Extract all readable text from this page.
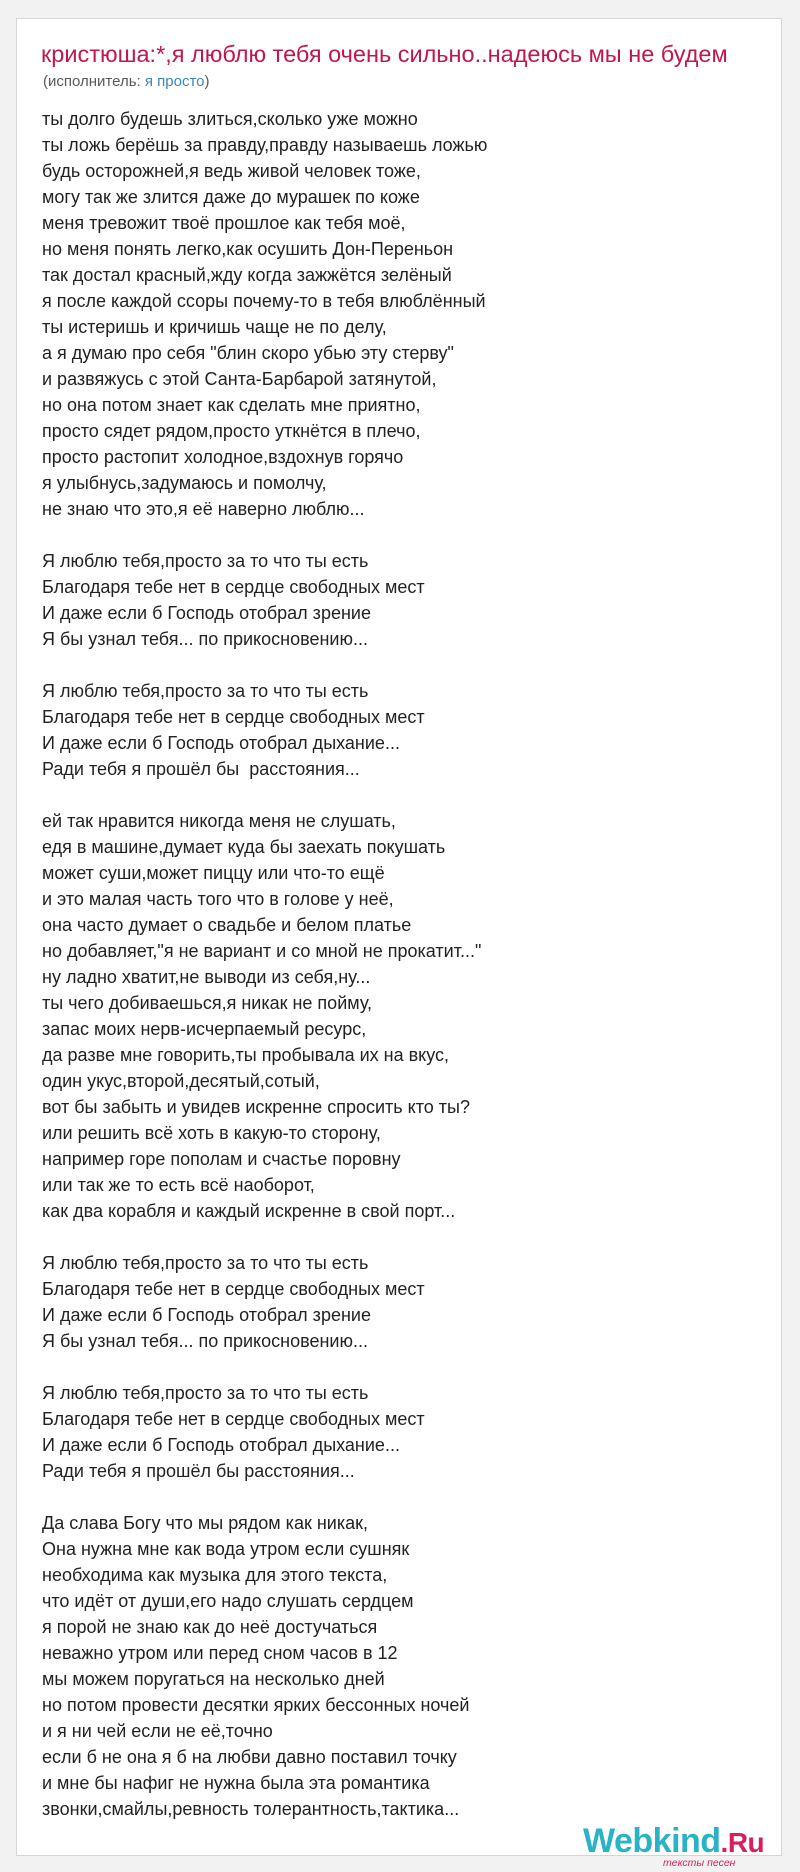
кристюша:*,я люблю тебя очень сильно..надеюсь мы не будем
(исполнитель: я просто)
ты долго будешь злиться,сколько уже можно
ты ложь берёшь за правду,правду называешь ложью
будь осторожней,я ведь живой человек тоже,
могу так же злится даже до мурашек по коже
меня тревожит твоё прошлое как тебя моё,
но меня понять легко,как осушить Дон-Переньон
так достал красный,жду когда зажжётся зелёный
я после каждой ссоры почему-то в тебя влюблённый
ты истеришь и кричишь чаще не по делу,
а я думаю про себя "блин скоро убью эту стерву"
и развяжусь с этой Санта-Барбарой затянутой,
но она потом знает как сделать мне приятно,
просто сядет рядом,просто уткнётся в плечо,
просто растопит холодное,вздохнув горячо
я улыбнусь,задумаюсь и помолчу,
не знаю что это,я её наверно люблю...
Я люблю тебя,просто за то что ты есть
Благодаря тебе нет в сердце свободных мест
И даже если б Господь отобрал зрение
Я бы узнал тебя... по прикосновению...
Я люблю тебя,просто за то что ты есть
Благодаря тебе нет в сердце свободных мест
И даже если б Господь отобрал дыхание...
Ради тебя я прошёл бы  расстояния...
ей так нравится никогда меня не слушать,
едя в машине,думает куда бы заехать покушать
может суши,может пиццу или что-то ещё
и это малая часть того что в голове у неё,
она часто думает о свадьбе и белом платье
но добавляет,"я не вариант и со мной не прокатит..."
ну ладно хватит,не выводи из себя,ну...
ты чего добиваешься,я никак не пойму,
запас моих нерв-исчерпаемый ресурс,
да разве мне говорить,ты пробывала их на вкус,
один укус,второй,десятый,сотый,
вот бы забыть и увидев искренне спросить кто ты?
или решить всё хоть в какую-то сторону,
например горе пополам и счастье поровну
или так же то есть всё наоборот,
как два корабля и каждый искренне в свой порт...
Я люблю тебя,просто за то что ты есть
Благодаря тебе нет в сердце свободных мест
И даже если б Господь отобрал зрение
Я бы узнал тебя... по прикосновению...
Я люблю тебя,просто за то что ты есть
Благодаря тебе нет в сердце свободных мест
И даже если б Господь отобрал дыхание...
Ради тебя я прошёл бы расстояния...
Да слава Богу что мы рядом как никак,
Она нужна мне как вода утром если сушняк
необходима как музыка для этого текста,
что идёт от души,его надо слушать сердцем
я порой не знаю как до неё достучаться
неважно утром или перед сном часов в 12
мы можем поругаться на несколько дней
но потом провести десятки ярких бессонных ночей
и я ни чей если не её,точно
если б не она я б на любви давно поставил точку
и мне бы нафиг не нужна была эта романтика
звонки,смайлы,ревность толерантность,тактика...
Webkind.Ru
тексты песен
